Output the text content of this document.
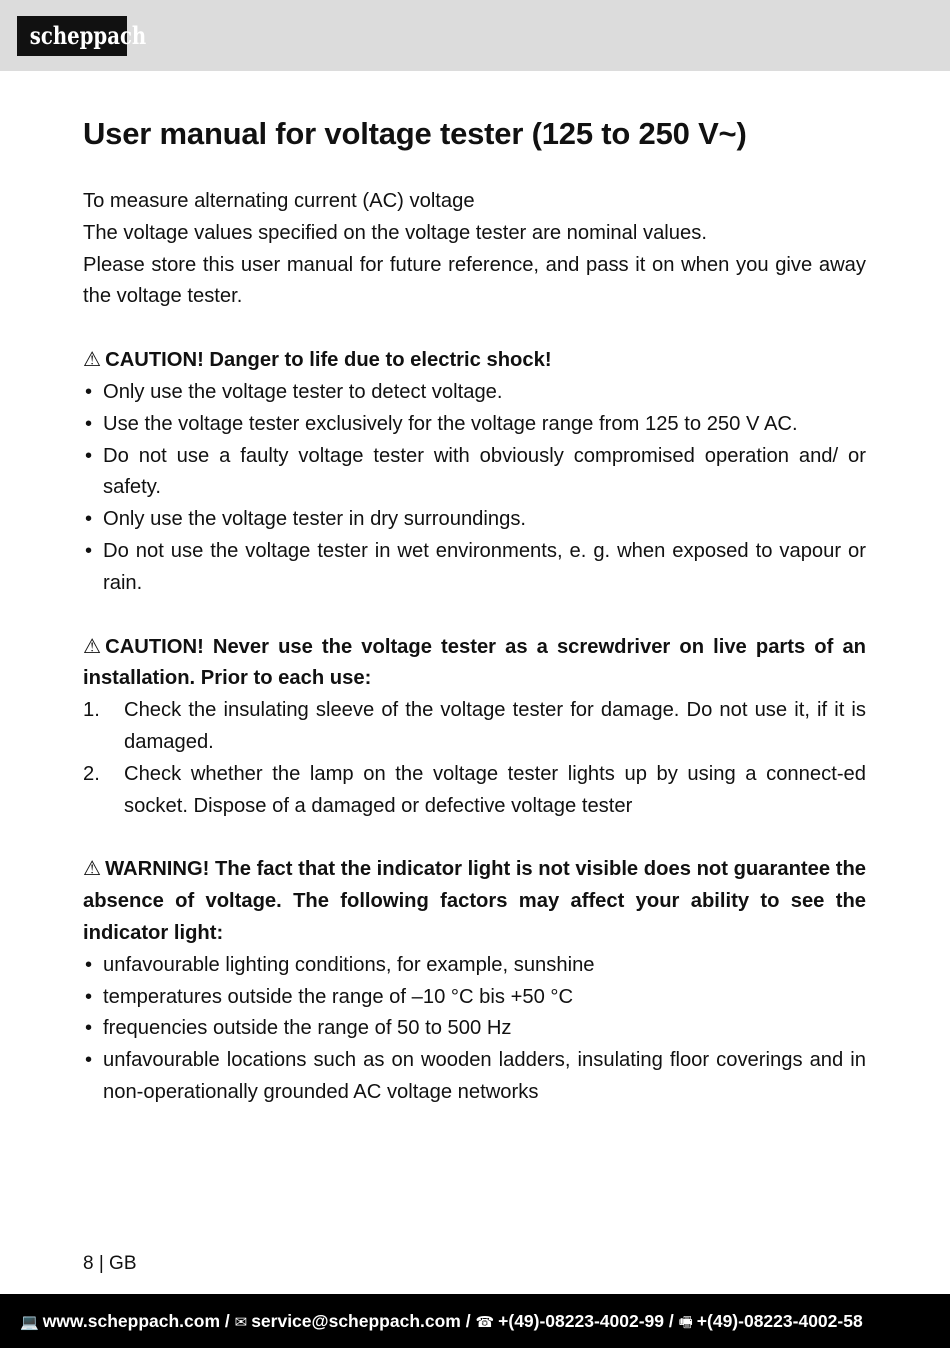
scheppach
User manual for voltage tester (125 to 250 V~)

To measure alternating current (AC) voltage

The voltage values specified on the voltage tester are nominal values.

Please store this user manual for future reference, and pass it on when you give away the voltage tester.

⚠ CAUTION! Danger to life due to electric shock!
• Only use the voltage tester to detect voltage.
• Use the voltage tester exclusively for the voltage range from 125 to 250 V AC.
• Do not use a faulty voltage tester with obviously compromised operation and/ or safety.
• Only use the voltage tester in dry surroundings.
• Do not use the voltage tester in wet environments, e. g. when exposed to vapour or rain.
⚠ CAUTION! Never use the voltage tester as a screwdriver on live parts of an installation. Prior to each use:
1. Check the insulating sleeve of the voltage tester for damage. Do not use it, if it is damaged.
2. Check whether the lamp on the voltage tester lights up by using a connect-ed socket. Dispose of a damaged or defective voltage tester
⚠ WARNING! The fact that the indicator light is not visible does not guarantee the absence of voltage. The following factors may affect your ability to see the indicator light:
• unfavourable lighting conditions, for example, sunshine
• temperatures outside the range of –10 °C bis +50 °C
• frequencies outside the range of 50 to 500 Hz
• unfavourable locations such as on wooden ladders, insulating floor coverings and in non-operationally grounded AC voltage networks
8 | GB
💻 www.scheppach.com / ✉ service@scheppach.com / ☎ +(49)-08223-4002-99 / 🖷 +(49)-08223-4002-58
